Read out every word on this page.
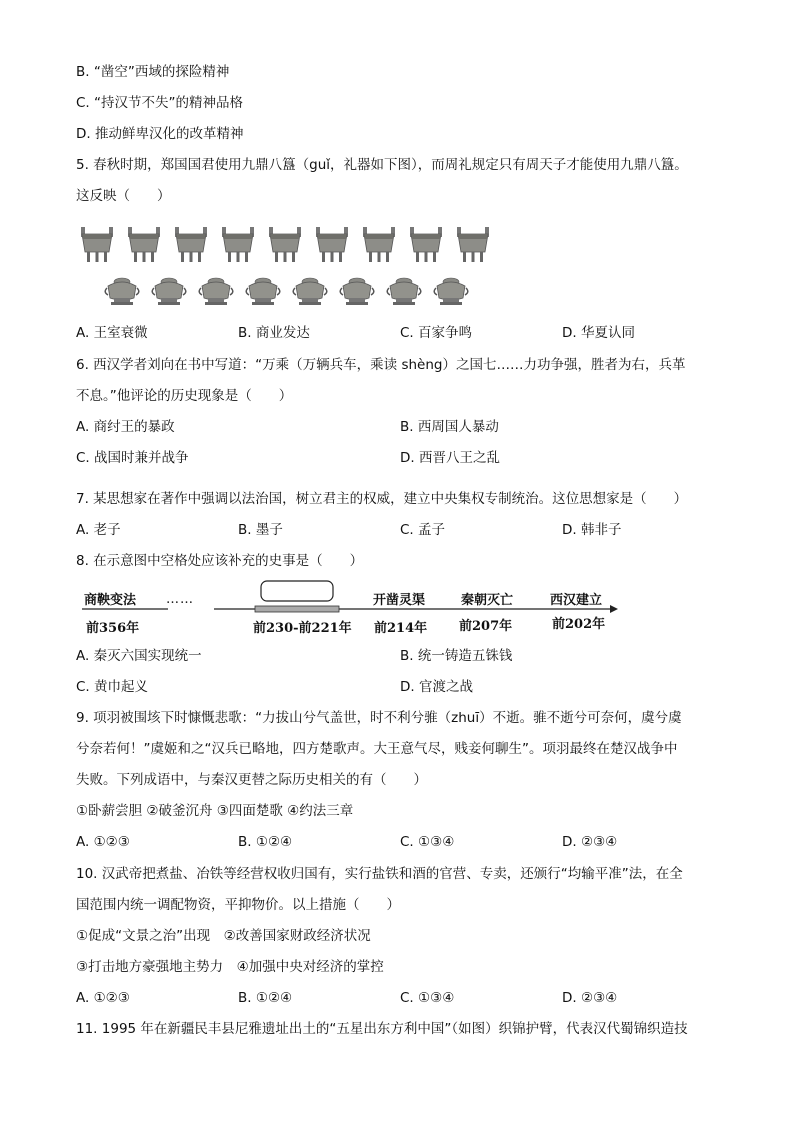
B. “凿空”西域的探险精神
C. “持汉节不失”的精神品格
D. 推动鲜卑汉化的改革精神
5. 春秋时期，郑国国君使用九鼎八簋（guǐ，礼器如下图），而周礼规定只有周天子才能使用九鼎八簋。
这反映（　　）
A. 王室衰微	B. 商业发达	C. 百家争鸣	D. 华夏认同
6. 西汉学者刘向在书中写道：“万乘（万辆兵车，乘读 shèng）之国七……力功争强，胜者为右，兵革
不息。”他评论的历史现象是（　　）
A. 商纣王的暴政	B. 西周国人暴动
C. 战国时兼并战争	D. 西晋八王之乱
7. 某思想家在著作中强调以法治国，树立君主的权威，建立中央集权专制统治。这位思想家是（　　）
A. 老子	B. 墨子	C. 孟子	D. 韩非子
8. 在示意图中空格处应该补充的史事是（　　）
商鞅变法 ……	开凿灵渠	秦朝灭亡	西汉建立
前356年	前230-前221年 前214年 前207年	前202年
A. 秦灭六国实现统一	B. 统一铸造五铢钱
C. 黄巾起义	D. 官渡之战
9. 项羽被围垓下时慷慨悲歌：“力拔山兮气盖世，时不利兮骓（zhuī）不逝。骓不逝兮可奈何，虞兮虞
兮奈若何！”虞姬和之“汉兵已略地，四方楚歌声。大王意气尽，贱妾何聊生”。项羽最终在楚汉战争中
失败。下列成语中，与秦汉更替之际历史相关的有（　　）
①卧薪尝胆 ②破釜沉舟 ③四面楚歌 ④约法三章
A. ①②③	B. ①②④	C. ①③④	D. ②③④
10. 汉武帝把煮盐、冶铁等经营权收归国有，实行盐铁和酒的官营、专卖，还颁行“均输平准”法，在全
国范围内统一调配物资，平抑物价。以上措施（　　）
①促成“文景之治”出现　②改善国家财政经济状况
③打击地方豪强地主势力　④加强中央对经济的掌控
A. ①②③	B. ①②④	C. ①③④	D. ②③④
11. 1995 年在新疆民丰县尼雅遗址出土的“五星出东方利中国”（如图）织锦护臂，代表汉代蜀锦织造技
